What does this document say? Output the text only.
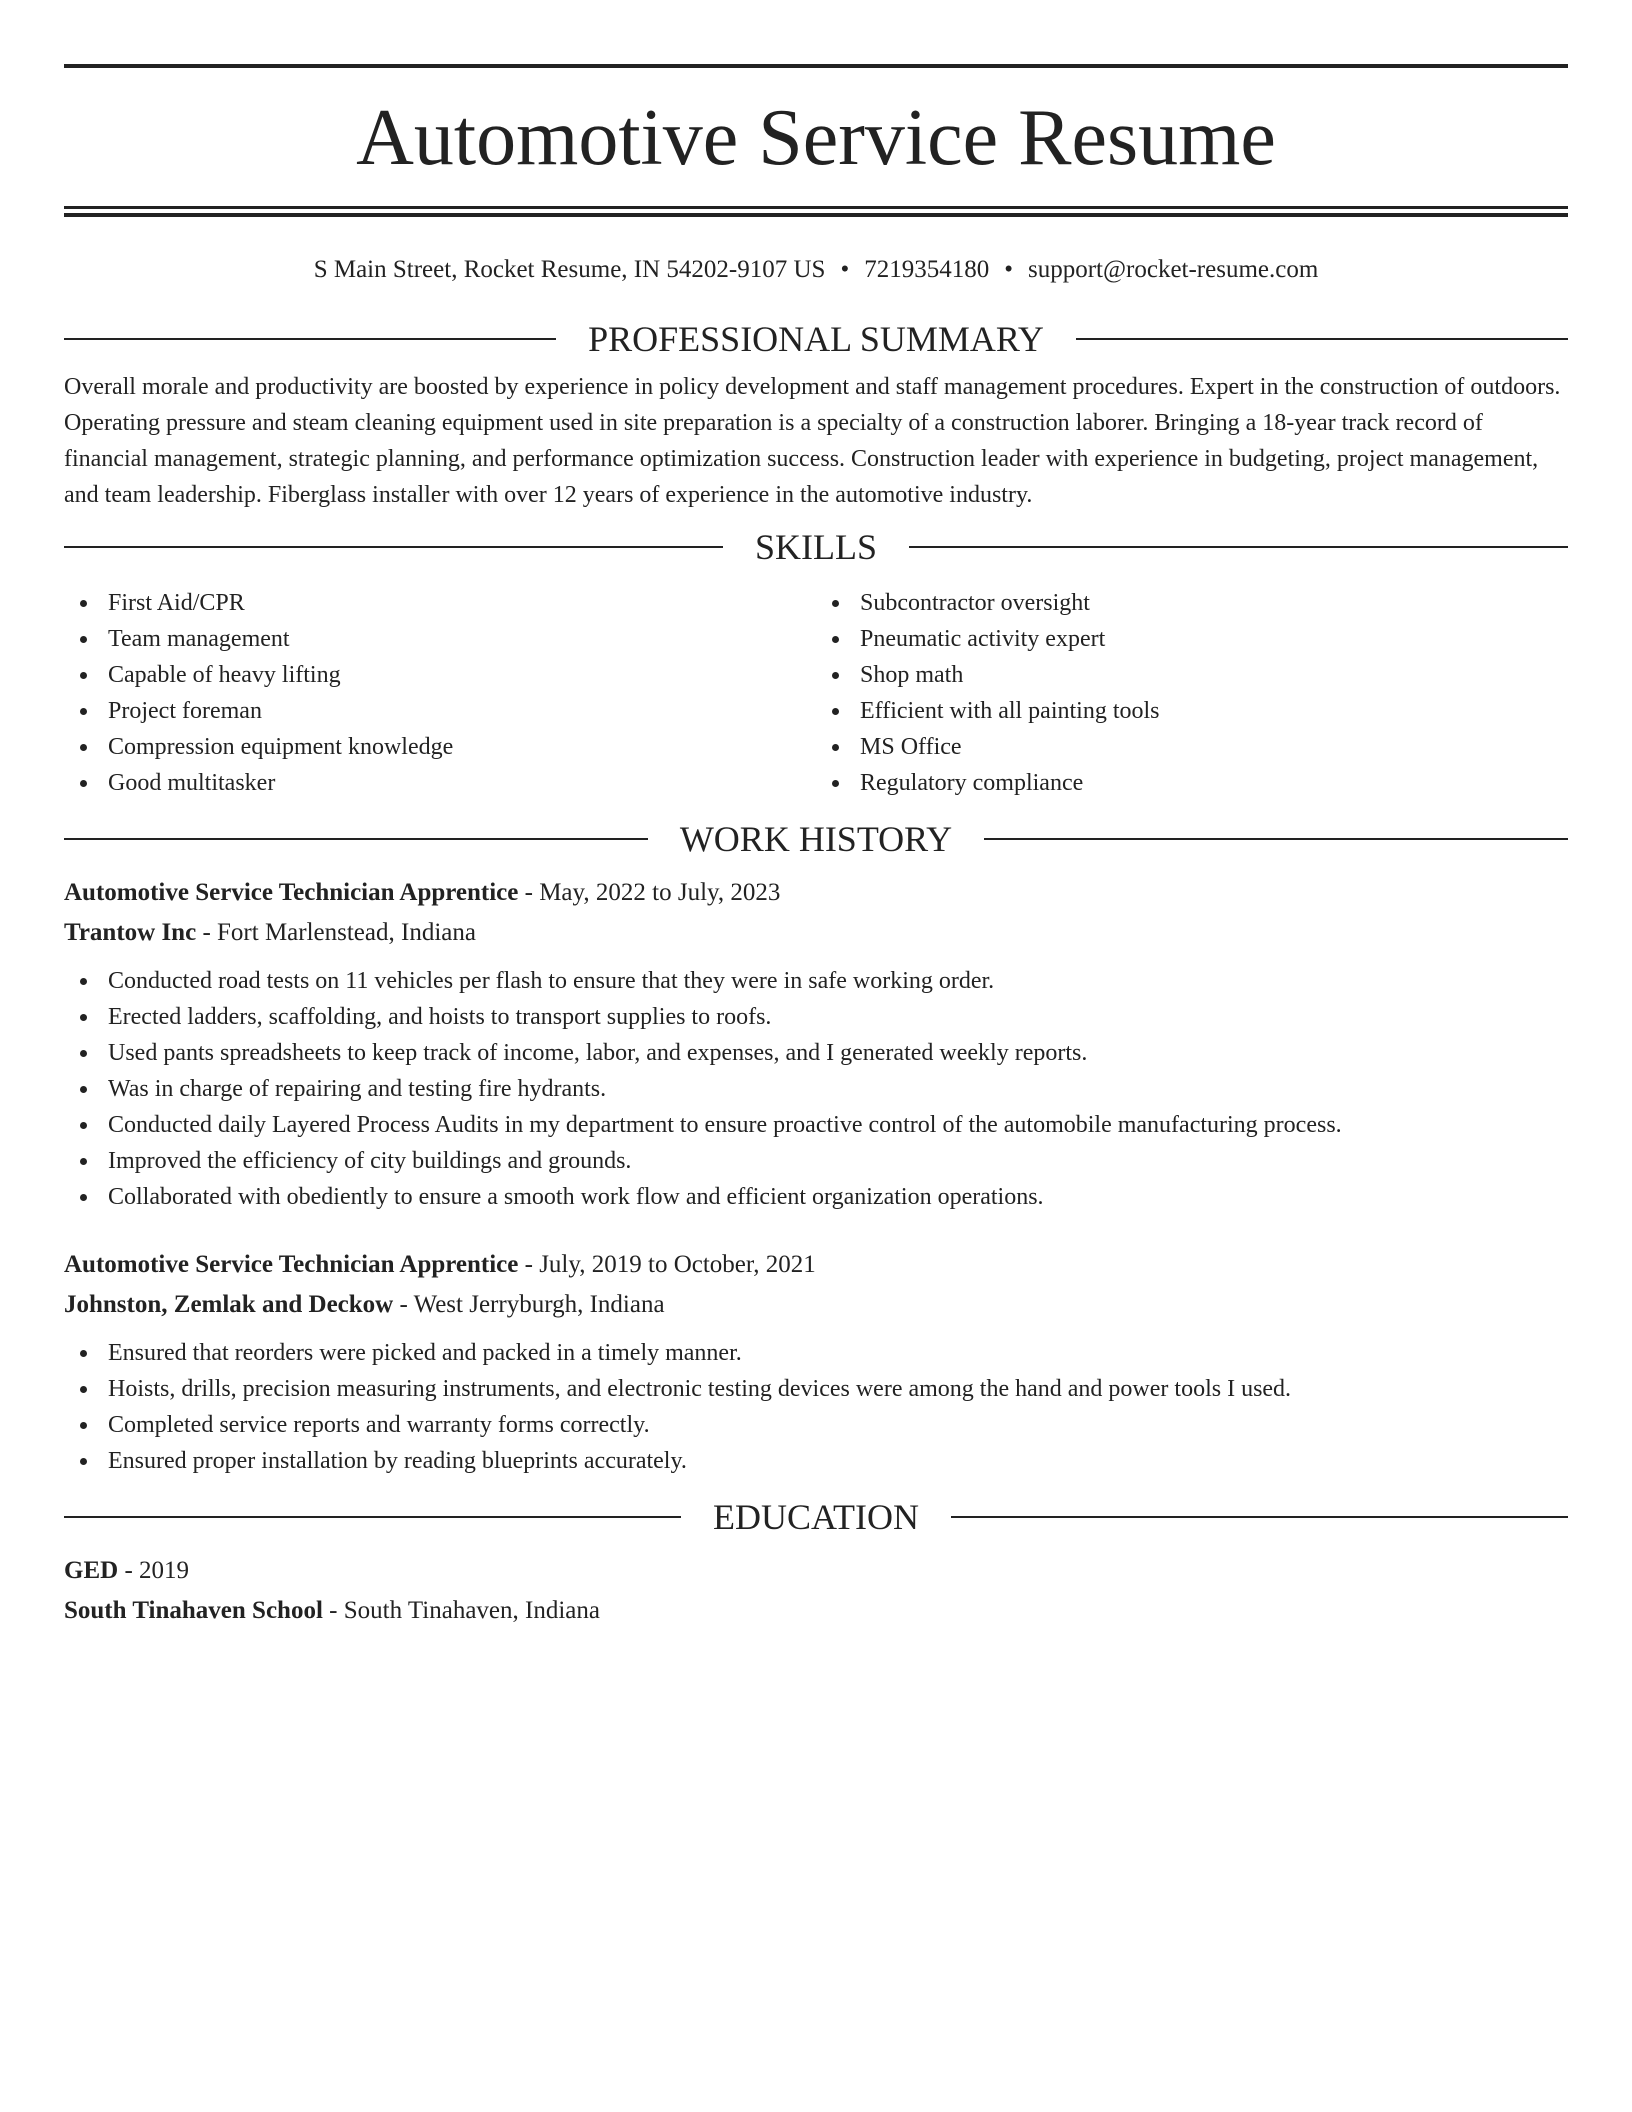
Automotive Service Resume
S Main Street, Rocket Resume, IN 54202-9107 US • 7219354180 • support@rocket-resume.com
PROFESSIONAL SUMMARY

Overall morale and productivity are boosted by experience in policy development and staff management procedures. Expert in the construction of outdoors. Operating pressure and steam cleaning equipment used in site preparation is a specialty of a construction laborer. Bringing a 18-year track record of financial management, strategic planning, and performance optimization success. Construction leader with experience in budgeting, project management, and team leadership. Fiberglass installer with over 12 years of experience in the automotive industry.

SKILLS
First Aid/CPR
Team management
Capable of heavy lifting
Project foreman
Compression equipment knowledge
Good multitasker
Subcontractor oversight
Pneumatic activity expert
Shop math
Efficient with all painting tools
MS Office
Regulatory compliance
WORK HISTORY
Automotive Service Technician Apprentice - May, 2022 to July, 2023
Trantow Inc - Fort Marlenstead, Indiana
Conducted road tests on 11 vehicles per flash to ensure that they were in safe working order.
Erected ladders, scaffolding, and hoists to transport supplies to roofs.
Used pants spreadsheets to keep track of income, labor, and expenses, and I generated weekly reports.
Was in charge of repairing and testing fire hydrants.
Conducted daily Layered Process Audits in my department to ensure proactive control of the automobile manufacturing process.
Improved the efficiency of city buildings and grounds.
Collaborated with obediently to ensure a smooth work flow and efficient organization operations.
Automotive Service Technician Apprentice - July, 2019 to October, 2021
Johnston, Zemlak and Deckow - West Jerryburgh, Indiana
Ensured that reorders were picked and packed in a timely manner.
Hoists, drills, precision measuring instruments, and electronic testing devices were among the hand and power tools I used.
Completed service reports and warranty forms correctly.
Ensured proper installation by reading blueprints accurately.
EDUCATION
GED - 2019
South Tinahaven School - South Tinahaven, Indiana
